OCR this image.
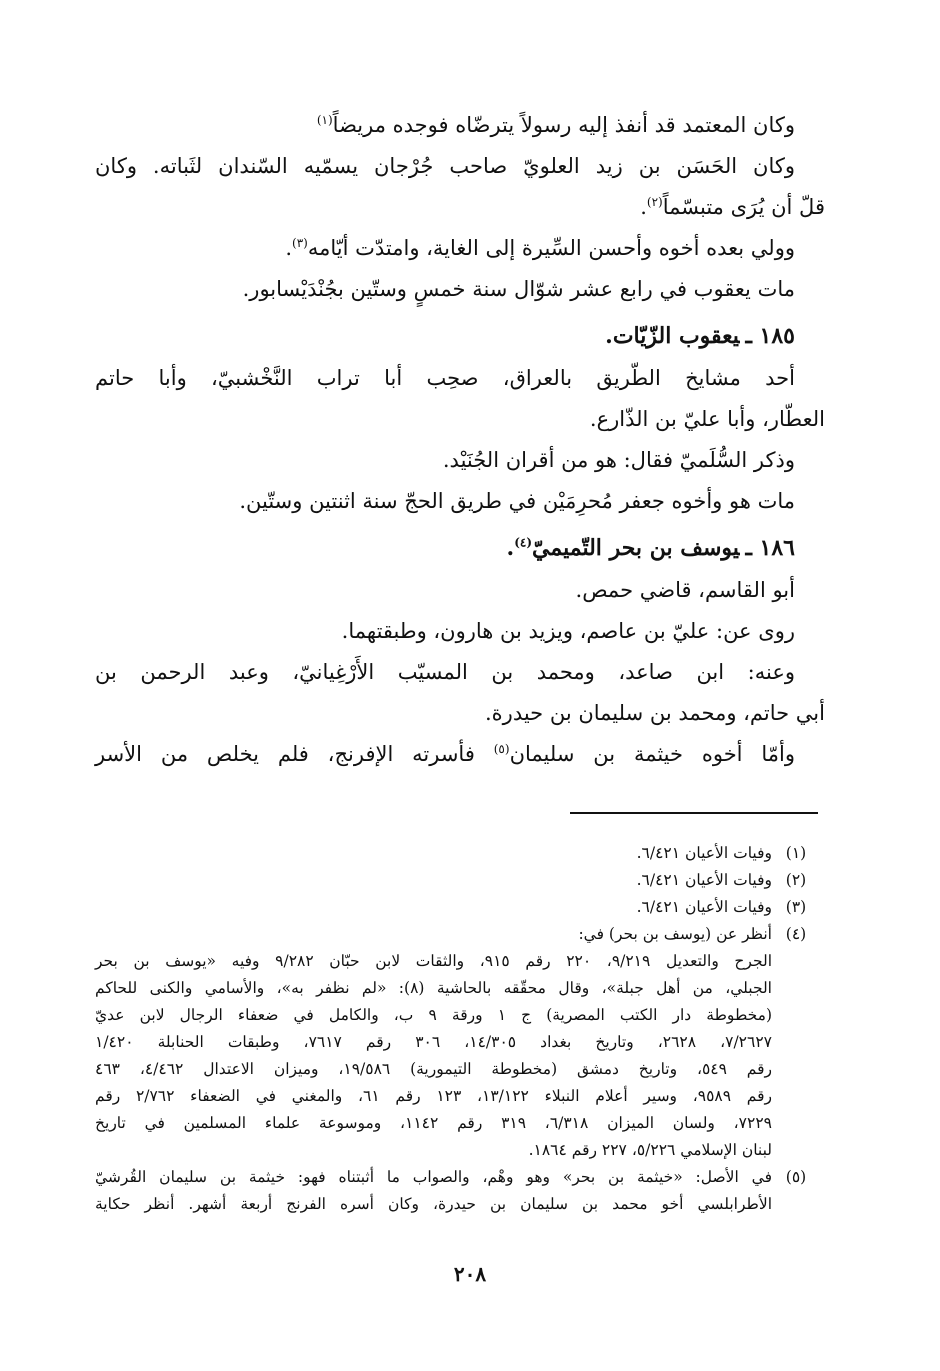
وكان المعتمد قد أنفذ إليه رسولاً يترضّاه فوجده مريضاً$^{(١)}$
وكان الحَسَن بن زيد العلويّ صاحب جُرْجان يسمّيه السّندان لثَباته. وكان
قلّ أن يُرَى متبسّماً$^{(٢)}$.
وولي بعده أخوه وأحسن السِّيرة إلى الغاية، وامتدّت أيّامه$^{(٣)}$.
مات يعقوب في رابع عشر شوّال سنة خمسٍ وستّين بجُنْدَيْسابور.
١٨٥ ـيعقوب الزّيّات.
أحد مشايخ الطّريق بالعراق، صحِب أبا تراب النَّخْشبيّ، وأبا حاتم
العطّار، وأبا عليّ بن الذّارع.
وذكر السُّلَميّ فقال: هو من أقران الجُنَيْد.
مات هو وأخوه جعفر مُحرِمَيْن في طريق الحجّ سنة اثنتين وستّين.
١٨٦ ـيوسف بن بحر التّميميّ$^{(٤)}$.
أبو القاسم، قاضي حمص.
روى عن: عليّ بن عاصم، ويزيد بن هارون، وطبقتهما.
وعنه: ابن صاعد، ومحمد بن المسيّب الأَرْغِيانيّ، وعبد الرحمن بن
أبي حاتم، ومحمد بن سليمان بن حيدرة.
وأمّا أخوه خيثمة بن سليمان$^{(٥)}$ فأسرته الإفرنج، فلم يخلص من الأسر
(١)
وفيات الأعيان ٦/٤٢١.
(٢)
وفيات الأعيان ٦/٤٢١.
(٣)
وفيات الأعيان ٦/٤٢١.
(٤)
أنظر عن (يوسف بن بحر) في:
الجرح والتعديل ٩/٢١٩، ٢٢٠ رقم ٩١٥، والثقات لابن حبّان ٩/٢٨٢ وفيه «يوسف بن بحر
الجبلي، من أهل جبلة»، وقال محقّقه بالحاشية (٨): «لم نظفر به»، والأسامي والكنى للحاكم
(مخطوطة دار الكتب المصرية) ج ١ ورقة ٩ ب، والكامل في ضعفاء الرجال لابن عديّ
٧/٢٦٢٧، ٢٦٢٨، وتاريخ بغداد ١٤/٣٠٥، ٣٠٦ رقم ٧٦١٧، وطبقات الحنابلة ١/٤٢٠
رقم ٥٤٩، وتاريخ دمشق (مخطوطة التيمورية) ١٩/٥٨٦، وميزان الاعتدال ٤/٤٦٢، ٤٦٣
رقم ٩٥٨٩، وسير أعلام النبلاء ١٣/١٢٢، ١٢٣ رقم ٦١، والمغني في الضعفاء ٢/٧٦٢ رقم
٧٢٢٩، ولسان الميزان ٦/٣١٨، ٣١٩ رقم ١١٤٢، وموسوعة علماء المسلمين في تاريخ
لبنان الإسلامي ٥/٢٢٦، ٢٢٧ رقم ١٨٦٤.
(٥)
في الأصل: «خيثمة بن بحر» وهو وهْم، والصواب ما أثبتناه فهو: خيثمة بن سليمان القُرشيّ
الأطرابلسي أخو محمد بن سليمان بن حيدرة، وكان أسره الفرنج أربعة أشهر. أنظر حكاية
٢٠٨
